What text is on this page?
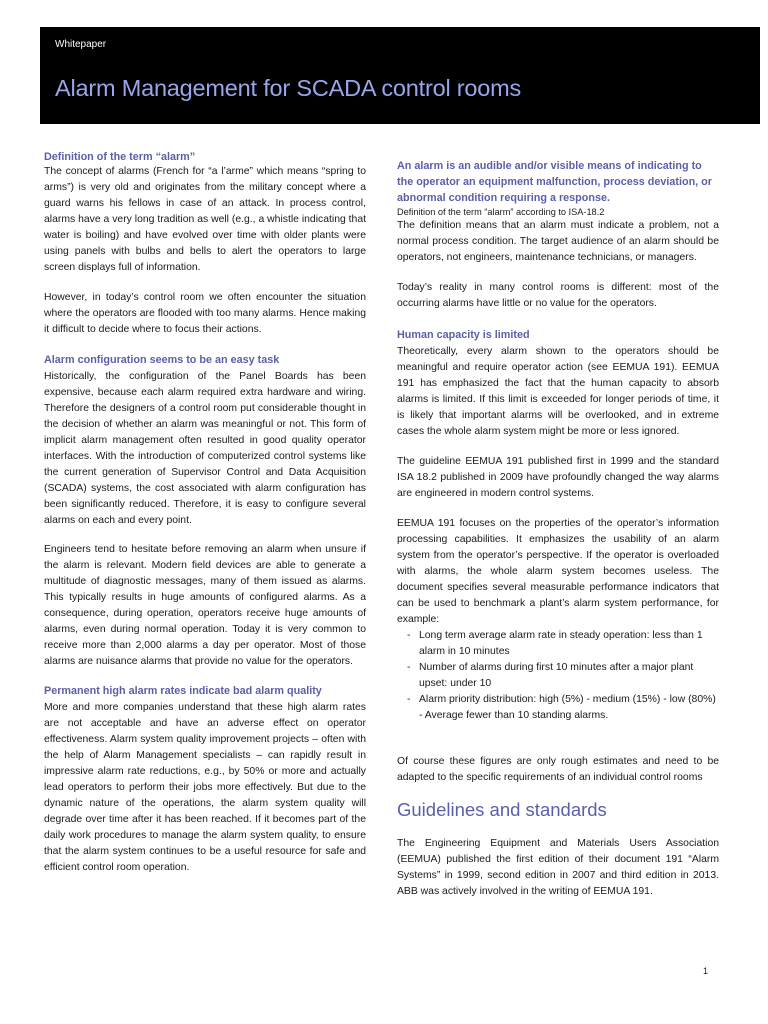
Whitepaper
Alarm Management for SCADA control rooms

Definition of the term “alarm”

The concept of alarms (French for “a l’arme” which means “spring to arms”) is very old and originates from the military concept where a guard warns his fellows in case of an attack. In process control, alarms have a very long tradition as well (e.g., a whistle indicating that water is boiling) and have evolved over time with older plants were using panels with bulbs and bells to alert the operators to large screen displays full of information.

However, in today’s control room we often encounter the situation where the operators are flooded with too many alarms. Hence making it difficult to decide where to focus their actions.

Alarm configuration seems to be an easy task

Historically, the configuration of the Panel Boards has been expensive, because each alarm required extra hardware and wiring. Therefore the designers of a control room put considerable thought in the decision of whether an alarm was meaningful or not. This form of implicit alarm management often resulted in good quality operator interfaces. With the introduction of computerized control systems like the current generation of Supervisor Control and Data Acquisition (SCADA) systems, the cost associated with alarm configuration has been significantly reduced. Therefore, it is easy to configure several alarms on each and every point.

Engineers tend to hesitate before removing an alarm when unsure if the alarm is relevant. Modern field devices are able to generate a multitude of diagnostic messages, many of them issued as alarms. This typically results in huge amounts of configured alarms. As a consequence, during operation, operators receive huge amounts of alarms, even during normal operation. Today it is very common to receive more than 2,000 alarms a day per operator. Most of those alarms are nuisance alarms that provide no value for the operators.

Permanent high alarm rates indicate bad alarm quality

More and more companies understand that these high alarm rates are not acceptable and have an adverse effect on operator effectiveness. Alarm system quality improvement projects – often with the help of Alarm Management specialists – can rapidly result in impressive alarm rate reductions, e.g., by 50% or more and actually lead operators to perform their jobs more effectively. But due to the dynamic nature of the operations, the alarm system quality will degrade over time after it has been reached. If it becomes part of the daily work procedures to manage the alarm system quality, to ensure that the alarm system continues to be a useful resource for safe and efficient control room operation.

An alarm is an audible and/or visible means of indicating to the operator an equipment malfunction, process deviation, or abnormal condition requiring a response.

Definition of the term “alarm” according to ISA-18.2

The definition means that an alarm must indicate a problem, not a normal process condition. The target audience of an alarm should be operators, not engineers, maintenance technicians, or managers.

Today’s reality in many control rooms is different: most of the occurring alarms have little or no value for the operators.

Human capacity is limited

Theoretically, every alarm shown to the operators should be meaningful and require operator action (see EEMUA 191). EEMUA 191 has emphasized the fact that the human capacity to absorb alarms is limited. If this limit is exceeded for longer periods of time, it is likely that important alarms will be overlooked, and in extreme cases the whole alarm system might be more or less ignored.

The guideline EEMUA 191 published first in 1999 and the standard ISA 18.2 published in 2009 have profoundly changed the way alarms are engineered in modern control systems.

EEMUA 191 focuses on the properties of the operator’s information processing capabilities. It emphasizes the usability of an alarm system from the operator’s perspective. If the operator is overloaded with alarms, the whole alarm system becomes useless. The document specifies several measurable performance indicators that can be used to benchmark a plant’s alarm system performance, for example:

- Long term average alarm rate in steady operation: less than 1 alarm in 10 minutes
- Number of alarms during first 10 minutes after a major plant upset: under 10
- Alarm priority distribution: high (5%) - medium (15%) - low (80%) - Average fewer than 10 standing alarms.

Of course these figures are only rough estimates and need to be adapted to the specific requirements of an individual control rooms

Guidelines and standards

The Engineering Equipment and Materials Users Association (EEMUA) published the first edition of their document 191 “Alarm Systems” in 1999, second edition in 2007 and third edition in 2013. ABB was actively involved in the writing of EEMUA 191.

1
